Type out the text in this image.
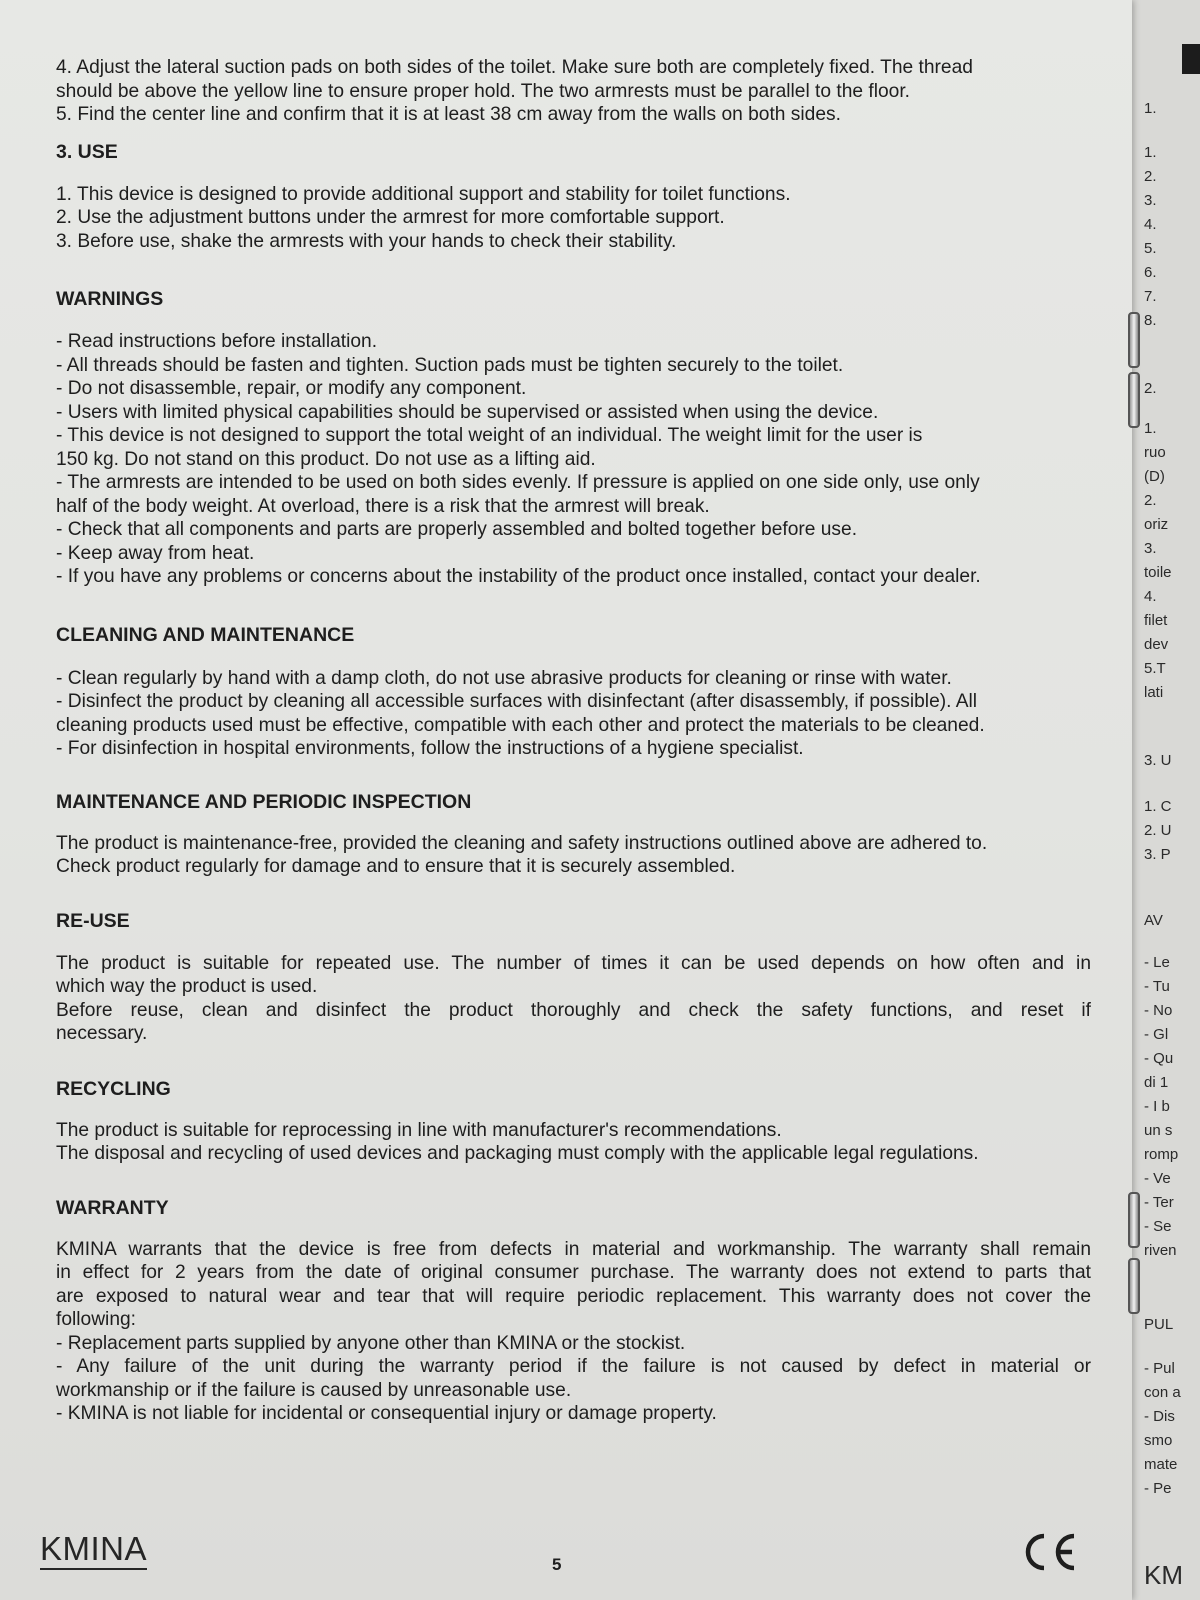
4. Adjust the lateral suction pads on both sides of the toilet. Make sure both are completely fixed. The thread
should be above the yellow line to ensure proper hold. The two armrests must be parallel to the floor.
5. Find the center line and confirm that it is at least 38 cm away from the walls on both sides.
3. USE
1. This device is designed to provide additional support and stability for toilet functions.
2. Use the adjustment buttons under the armrest for more comfortable support.
3. Before use, shake the armrests with your hands to check their stability.
WARNINGS
- Read instructions before installation.
- All threads should be fasten and tighten. Suction pads must be tighten securely to the toilet.
- Do not disassemble, repair, or modify any component.
- Users with limited physical capabilities should be supervised or assisted when using the device.
- This device is not designed to support the total weight of an individual. The weight limit for the user is
150 kg. Do not stand on this product. Do not use as a lifting aid.
- The armrests are intended to be used on both sides evenly. If pressure is applied on one side only, use only
half of the body weight. At overload, there is a risk that the armrest will break.
- Check that all components and parts are properly assembled and bolted together before use.
- Keep away from heat.
- If you have any problems or concerns about the instability of the product once installed, contact your dealer.
CLEANING AND MAINTENANCE
- Clean regularly by hand with a damp cloth, do not use abrasive products for cleaning or rinse with water.
- Disinfect the product by cleaning all accessible surfaces with disinfectant (after disassembly, if possible). All
cleaning products used must be effective, compatible with each other and protect the materials to be cleaned.
- For disinfection in hospital environments, follow the instructions of a hygiene specialist.
MAINTENANCE AND PERIODIC INSPECTION
The product is maintenance-free, provided the cleaning and safety instructions outlined above are adhered to.
Check product regularly for damage and to ensure that it is securely assembled.
RE-USE
The product is suitable for repeated use. The number of times it can be used depends on how often and in
which way the product is used.
Before reuse, clean and disinfect the product thoroughly and check the safety functions, and reset if
necessary.
RECYCLING
The product is suitable for reprocessing in line with manufacturer's recommendations.
The disposal and recycling of used devices and packaging must comply with the applicable legal regulations.
WARRANTY
KMINA warrants that the device is free from defects in material and workmanship. The warranty shall remain
in effect for 2 years from the date of original consumer purchase. The warranty does not extend to parts that
are exposed to natural wear and tear that will require periodic replacement. This warranty does not cover the
following:
- Replacement parts supplied by anyone other than KMINA or the stockist.
- Any failure of the unit during the warranty period if the failure is not caused by defect in material or
workmanship or if the failure is caused by unreasonable use.
- KMINA is not liable for incidental or consequential injury or damage property.
KMINA	5
1.
1.
2.
3.
4.
5.
6.
7.
8.
2.
1.
ruo
(D)
2.
oriz
3.
toile
4.
filet
dev
5.T
lati
3. U
1. C
2. U
3. P
AV
- Le
- Tu
- No
- Gl
- Qu
di 1
- I b
un s
romp
- Ve
- Ter
- Se
riven
PUL
- Pul
con a
- Dis
smo
mate
- Pe
KM
